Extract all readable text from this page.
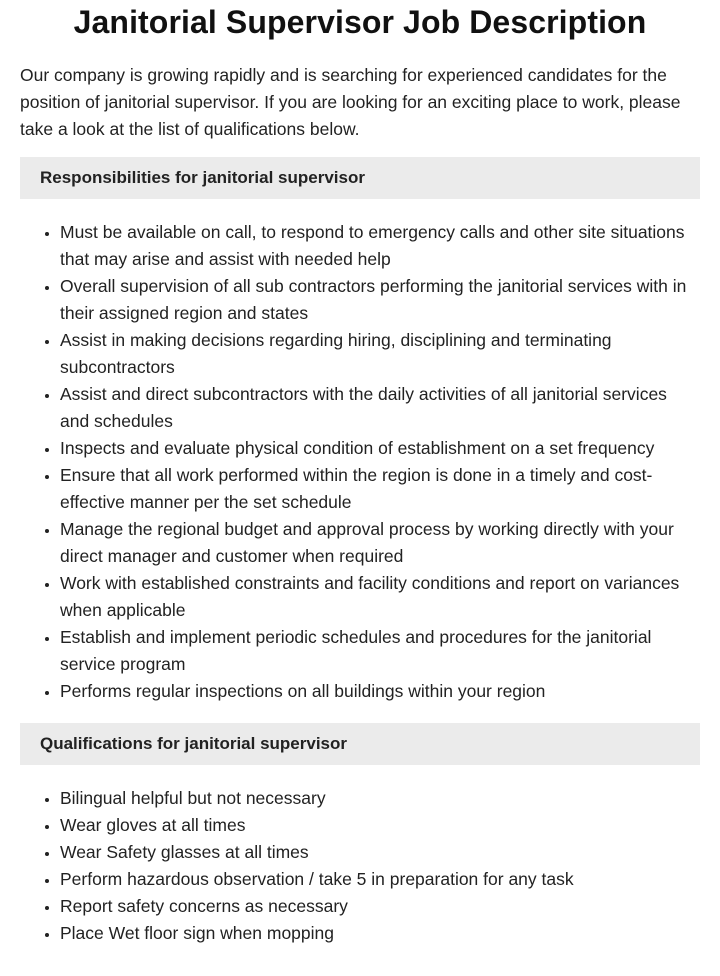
Janitorial Supervisor Job Description

Our company is growing rapidly and is searching for experienced candidates for the position of janitorial supervisor. If you are looking for an exciting place to work, please take a look at the list of qualifications below.

Responsibilities for janitorial supervisor
• Must be available on call, to respond to emergency calls and other site situations that may arise and assist with needed help
• Overall supervision of all sub contractors performing the janitorial services with in their assigned region and states
• Assist in making decisions regarding hiring, disciplining and terminating subcontractors
• Assist and direct subcontractors with the daily activities of all janitorial services and schedules
• Inspects and evaluate physical condition of establishment on a set frequency
• Ensure that all work performed within the region is done in a timely and cost-effective manner per the set schedule
• Manage the regional budget and approval process by working directly with your direct manager and customer when required
• Work with established constraints and facility conditions and report on variances when applicable
• Establish and implement periodic schedules and procedures for the janitorial service program
• Performs regular inspections on all buildings within your region
Qualifications for janitorial supervisor
• Bilingual helpful but not necessary
• Wear gloves at all times
• Wear Safety glasses at all times
• Perform hazardous observation / take 5 in preparation for any task
• Report safety concerns as necessary
• Place Wet floor sign when mopping
